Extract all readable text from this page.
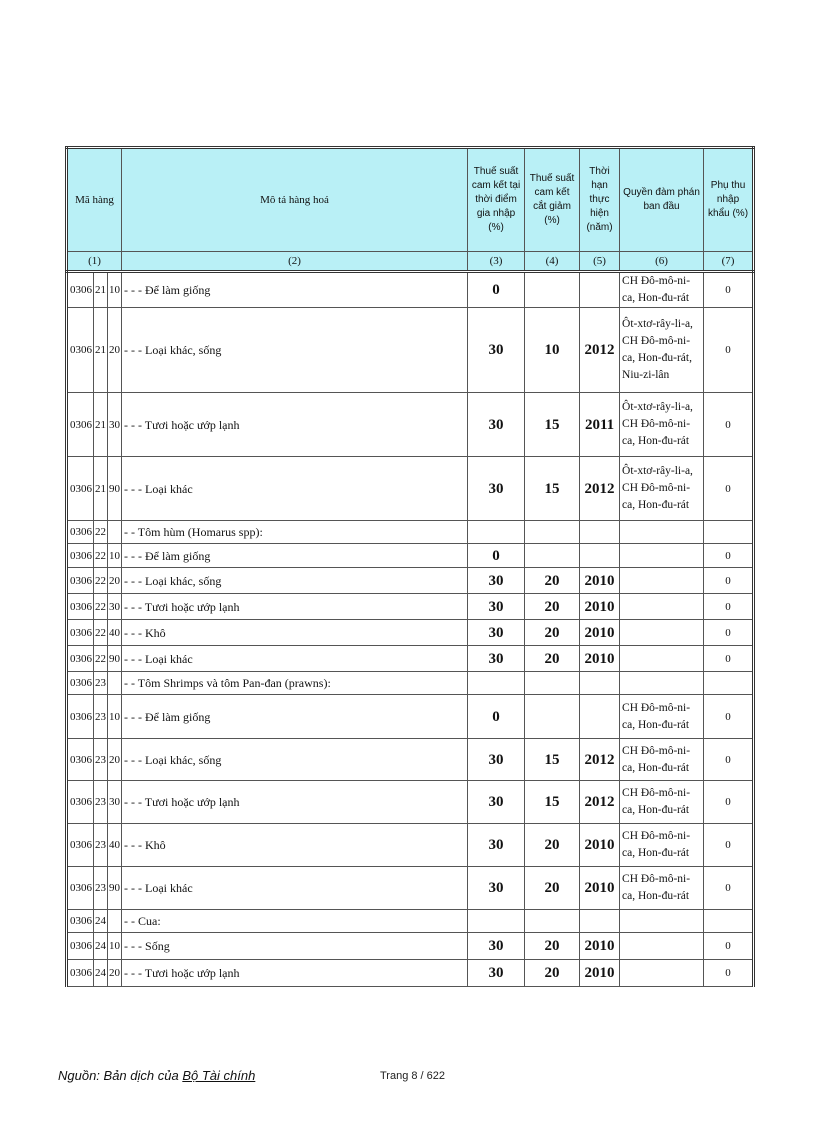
Mã hàng			Mô tả hàng hoá	Thuế suất cam kết tại thời điểm gia nhập (%)	Thuế suất cam kết cắt giảm (%)	Thời hạn thực hiện (năm)	Quyền đàm phán ban đầu	Phụ thu nhập khẩu (%)
(1)			(2)	(3)	(4)	(5)	(6)	(7)
0306	21	10	- - - Để làm giống	0			CH Đô-mô-ni-ca, Hon-đu-rát	0
0306	21	20	- - - Loại khác, sống	30	10	2012	Ôt-xtơ-rây-li-a, CH Đô-mô-ni-ca, Hon-đu-rát, Niu-zi-lân	0
0306	21	30	- - - Tươi hoặc ướp lạnh	30	15	2011	Ôt-xtơ-rây-li-a, CH Đô-mô-ni-ca, Hon-đu-rát	0
0306	21	90	- - - Loại khác	30	15	2012	Ôt-xtơ-rây-li-a, CH Đô-mô-ni-ca, Hon-đu-rát	0
0306	22		- - Tôm hùm (Homarus spp):					
0306	22	10	- - - Để làm giống	0				0
0306	22	20	- - - Loại khác, sống	30	20	2010		0
0306	22	30	- - - Tươi hoặc ướp lạnh	30	20	2010		0
0306	22	40	- - - Khô	30	20	2010		0
0306	22	90	- - - Loại khác	30	20	2010		0
0306	23		- - Tôm Shrimps và tôm Pan-đan (prawns):					
0306	23	10	- - - Để làm giống	0			CH Đô-mô-ni-ca, Hon-đu-rát	0
0306	23	20	- - - Loại khác, sống	30	15	2012	CH Đô-mô-ni-ca, Hon-đu-rát	0
0306	23	30	- - - Tươi hoặc ướp lạnh	30	15	2012	CH Đô-mô-ni-ca, Hon-đu-rát	0
0306	23	40	- - - Khô	30	20	2010	CH Đô-mô-ni-ca, Hon-đu-rát	0
0306	23	90	- - - Loại khác	30	20	2010	CH Đô-mô-ni-ca, Hon-đu-rát	0
0306	24		- - Cua:					
0306	24	10	- - - Sống	30	20	2010		0
0306	24	20	- - - Tươi hoặc ướp lạnh	30	20	2010		0
Nguồn: Bản dịch của Bộ Tài chính	Trang 8 / 622
